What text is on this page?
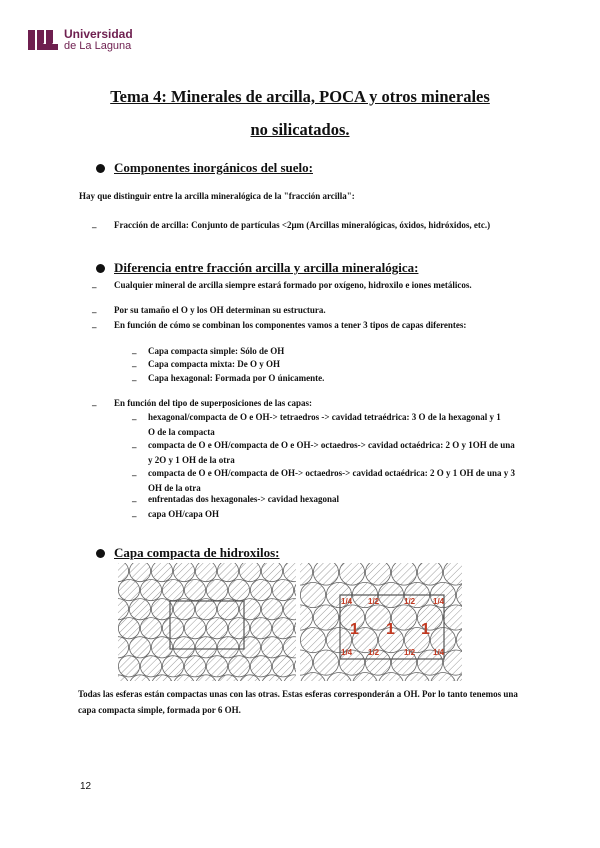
Universidad
de La Laguna
Tema 4: Minerales de arcilla, POCA y otros minerales
no silicatados.
Componentes inorgánicos del suelo:
Hay que distinguir entre la arcilla mineralógica de la "fracción arcilla":
– Fracción de arcilla: Conjunto de partículas <2μm (Arcillas mineralógicas, óxidos, hidróxidos, etc.)
Diferencia entre fracción arcilla y arcilla mineralógica:
– Cualquier mineral de arcilla siempre estará formado por oxígeno, hidroxilo e iones metálicos.
– Por su tamaño el O y los OH determinan su estructura.
– En función de cómo se combinan los componentes vamos a tener 3 tipos de capas diferentes:
– Capa compacta simple: Sólo de OH
– Capa compacta mixta: De O y OH
– Capa hexagonal: Formada por O únicamente.
– En función del tipo de superposiciones de las capas:
– hexagonal/compacta de O e OH-> tetraedros -> cavidad tetraédrica: 3 O de la hexagonal y 1 O de la compacta
– compacta de O e OH/compacta de O e OH-> octaedros-> cavidad octaédrica: 2 O y 1OH de una y 2O y 1 OH de la otra
– compacta de O e OH/compacta de OH-> octaedros-> cavidad octaédrica: 2 O y 1 OH de una y 3 OH de la otra
– enfrentadas dos hexagonales-> cavidad hexagonal
– capa OH/capa OH
Capa compacta de hidroxilos:
1/4 1/2	1/2 1/4
1 1 1
1/4 1/2	1/2 1/4
Todas las esferas están compactas unas con las otras. Estas esferas corresponderán a OH. Por lo tanto tenemos una capa compacta simple, formada por 6 OH.
12
